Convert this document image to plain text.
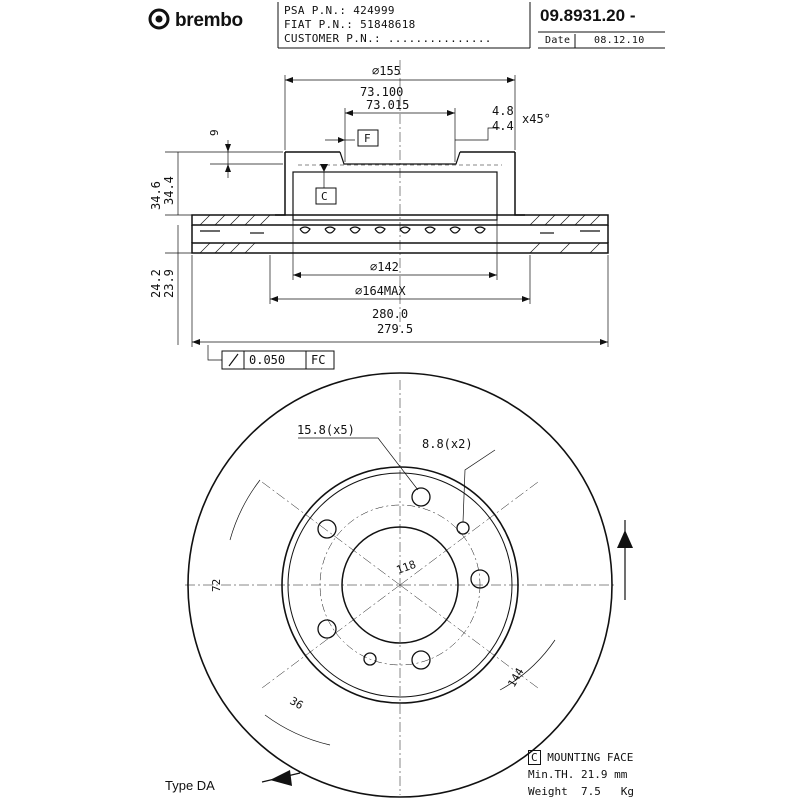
brembo
⌀155
73.100
73.015	4.8
4.4 x45°
9	F
C
34.6 34.4
24.2 23.9
⌀142
⌀164MAX
280.0
279.5
0.050 FC
15.8(x5)
8.8(x2)
118
72
144
36
PSA P.N.: 424999
FIAT P.N.: 51848618
CUSTOMER P.N.: ...............
09.8931.20 -
Date 08.12.10
Type DA
C MOUNTING FACE
Min.TH. 21.9 mm
Weight 7.5 Kg
